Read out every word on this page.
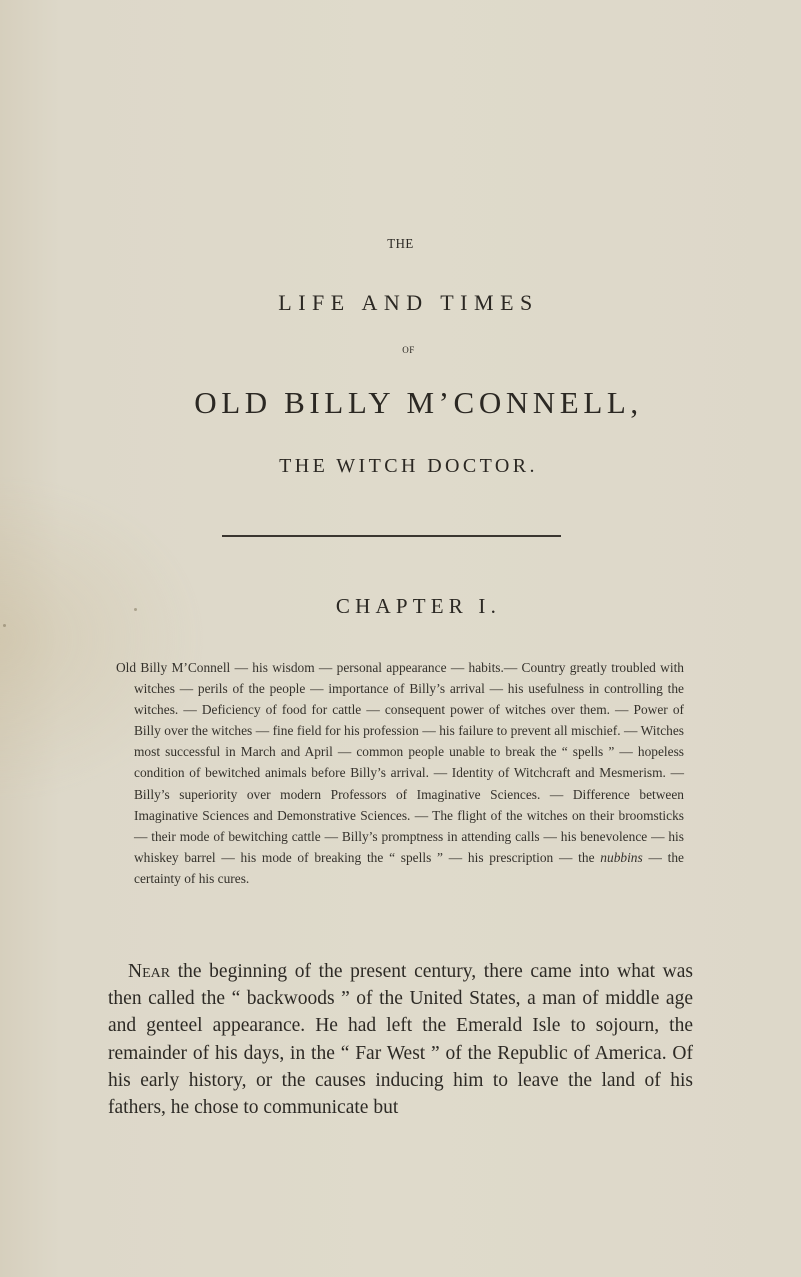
THE
LIFE AND TIMES
OF
OLD BILLY M’CONNELL,
THE WITCH DOCTOR.
CHAPTER I.
Old Billy M’Connell — his wisdom — personal appearance — habits.— Country greatly troubled with witches — perils of the people — importance of Billy’s arrival — his usefulness in controlling the witches. — Deficiency of food for cattle — consequent power of witches over them. — Power of Billy over the witches — fine field for his profession — his failure to prevent all mischief. — Witches most successful in March and April — common people unable to break the “ spells ” — hopeless condition of bewitched animals before Billy’s arrival. — Identity of Witchcraft and Mesmerism. — Billy’s superiority over modern Professors of Imaginative Sciences. — Difference between Imaginative Sciences and Demonstrative Sciences. — The flight of the witches on their broomsticks — their mode of bewitching cattle — Billy’s promptness in attending calls — his benevolence — his whiskey barrel — his mode of breaking the “ spells ” — his prescription — the nubbins — the certainty of his cures.
Near the beginning of the present century, there came into what was then called the “ backwoods ” of the United States, a man of middle age and genteel appearance. He had left the Emerald Isle to sojourn, the remainder of his days, in the “ Far West ” of the Republic of America. Of his early history, or the causes inducing him to leave the land of his fathers, he chose to communicate but
